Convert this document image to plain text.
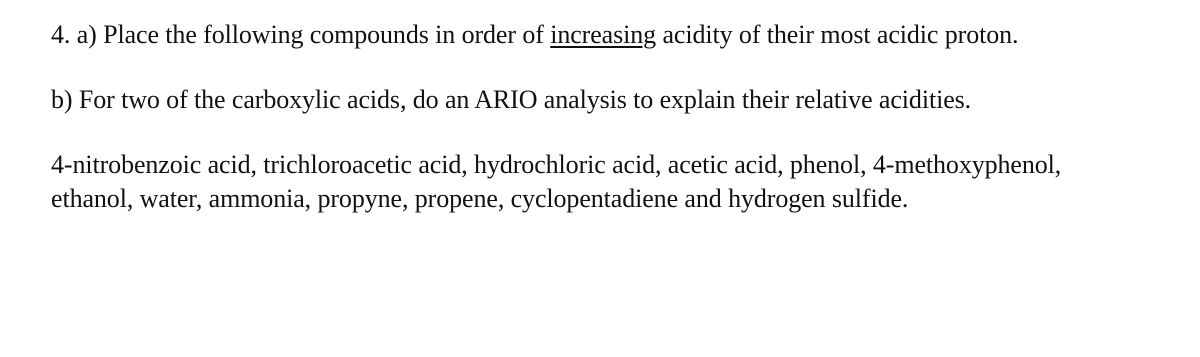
4. a) Place the following compounds in order of increasing acidity of their most acidic proton.
b) For two of the carboxylic acids, do an ARIO analysis to explain their relative acidities.
4-nitrobenzoic acid, trichloroacetic acid, hydrochloric acid, acetic acid, phenol, 4-methoxyphenol,
ethanol, water, ammonia, propyne, propene, cyclopentadiene and hydrogen sulfide.
